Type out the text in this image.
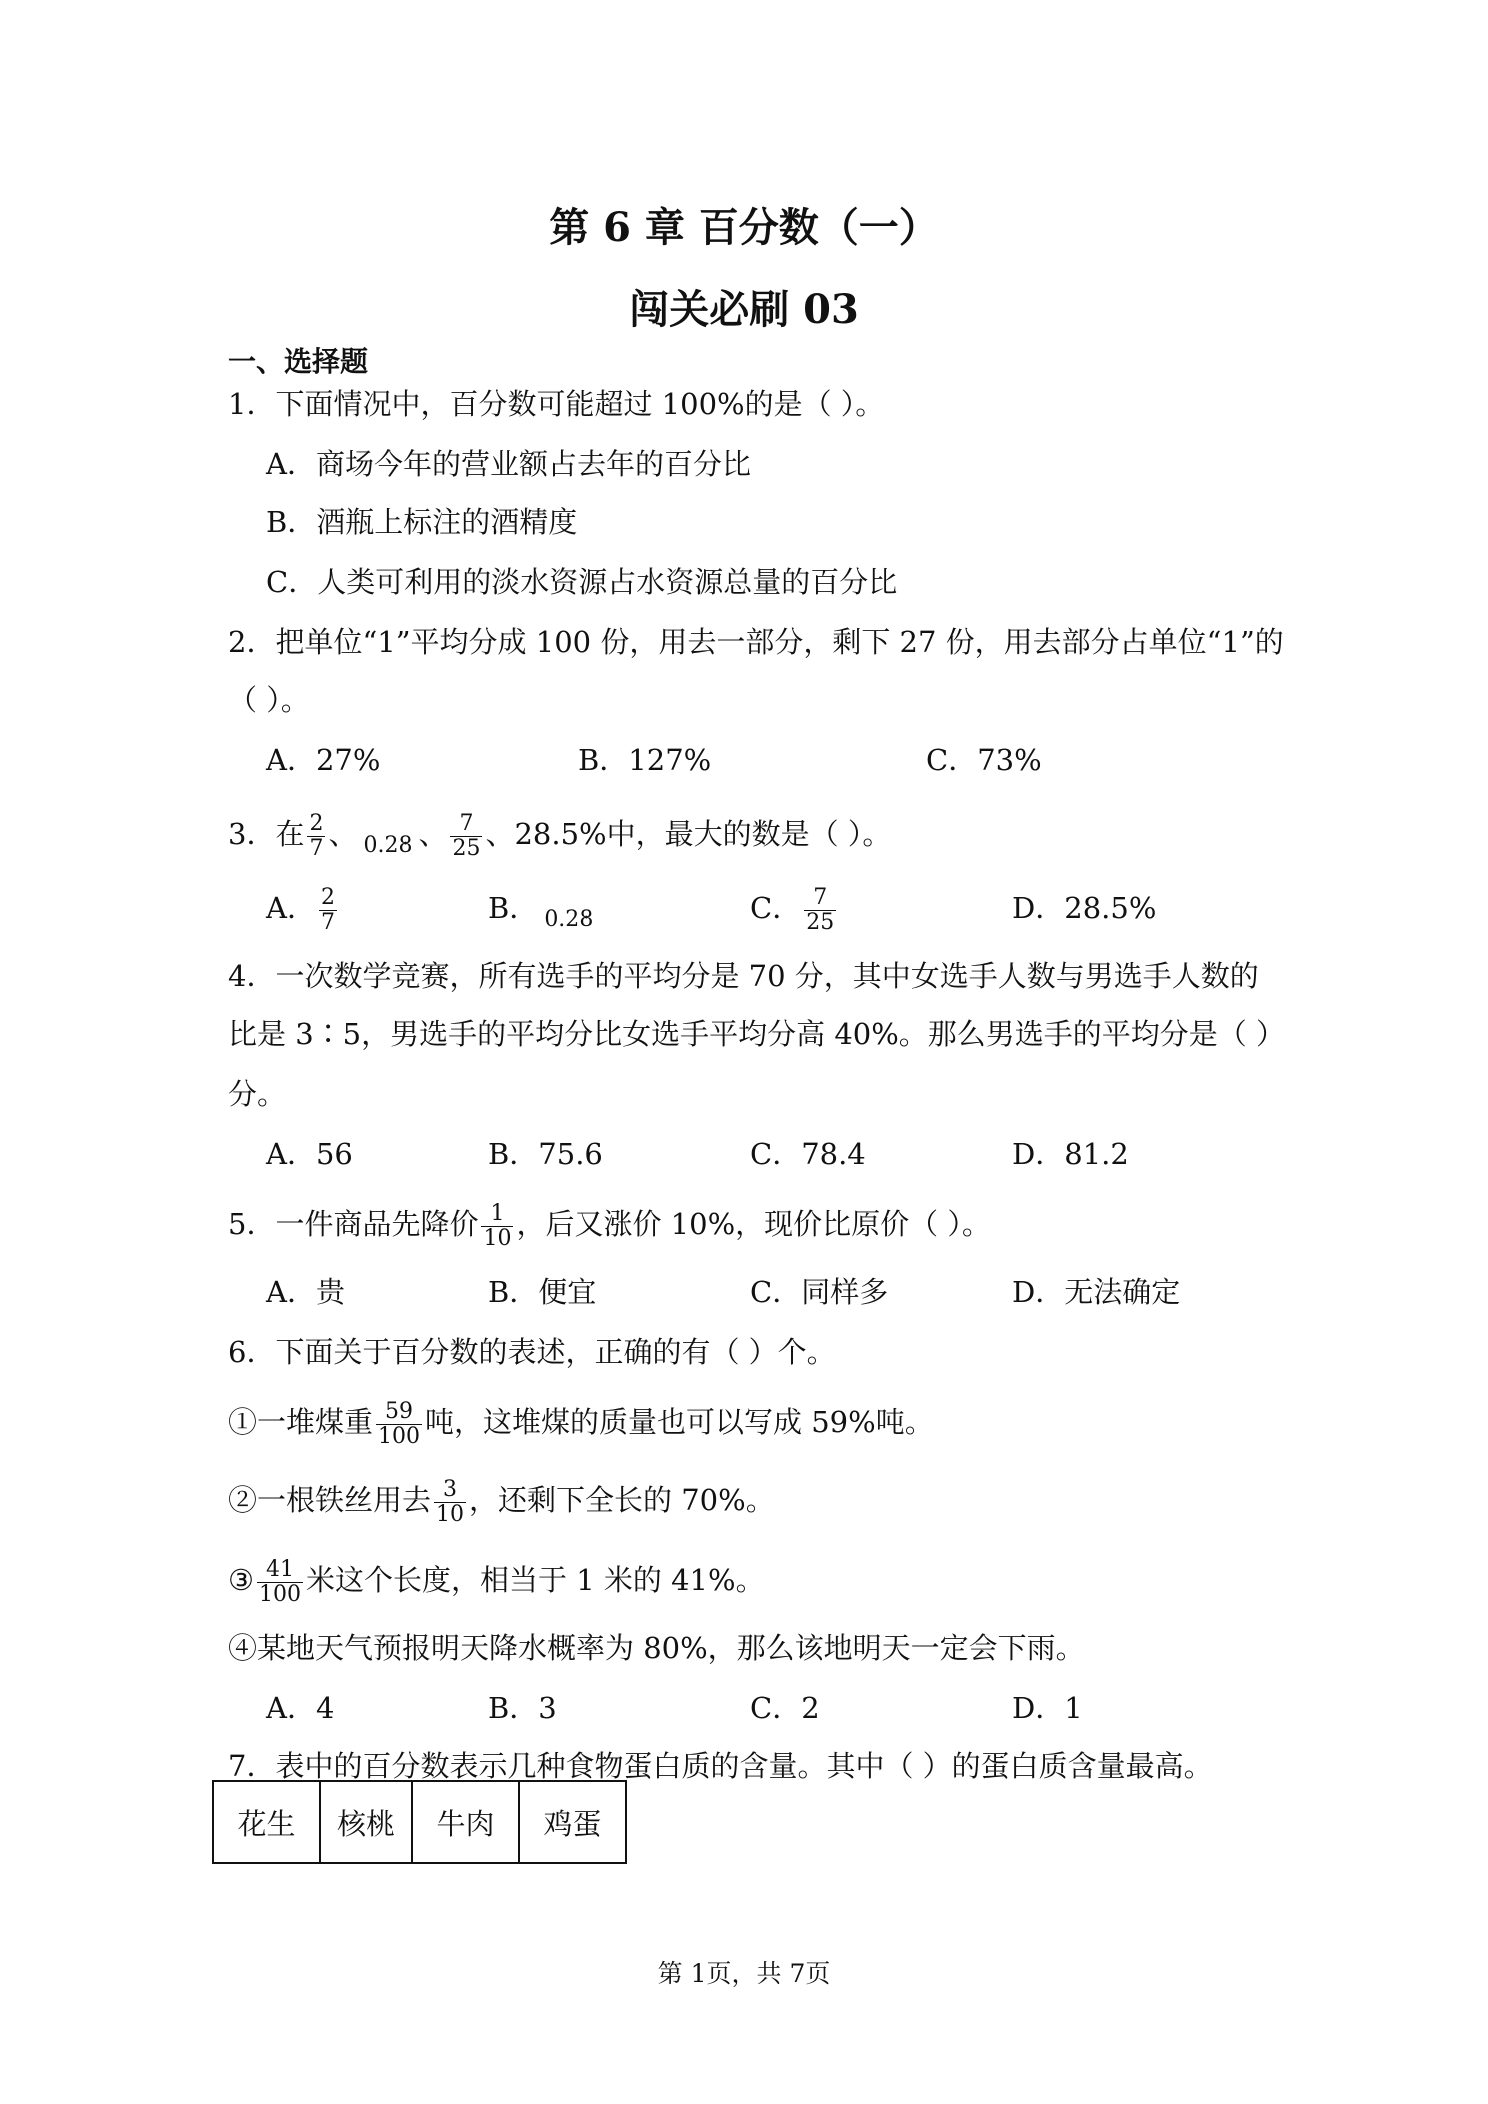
第 6 章 百分数（一）
闯关必刷 03
一、选择题
1．下面情况中，百分数可能超过 100%的是（ ）。
A．商场今年的营业额占去年的百分比
B．酒瓶上标注的酒精度
C．人类可利用的淡水资源占水资源总量的百分比
2．把单位“1”平均分成 100 份，用去一部分，剩下 27 份，用去部分占单位“1”的
（ ）。
A．27%	B．127%	C．73%
3．在 $\frac{2}{7}$ 、 0.2· 8 、 $\frac{7}{25}$ 、28.5%中，最大的数是（ ）。
A． $\frac{2}{7}$	B． 0.2· 8	C． $\frac{7}{25}$	D．28.5%
4．一次数学竞赛，所有选手的平均分是 70 分，其中女选手人数与男选手人数的
比是 3∶5，男选手的平均分比女选手平均分高 40%。那么男选手的平均分是（ ）
分。
A．56	B．75.6	C．78.4	D．81.2
5．一件商品先降价 $\frac{1}{10}$ ，后又涨价 10%，现价比原价（ ）。
A．贵	B．便宜	C．同样多	D．无法确定
6．下面关于百分数的表述，正确的有（ ）个。
①一堆煤重 $\frac{59}{100}$ 吨，这堆煤的质量也可以写成 59%吨。
②一根铁丝用去 $\frac{3}{10}$ ，还剩下全长的 70%。
③ $\frac{41}{100}$ 米这个长度，相当于 1 米的 41%。
④某地天气预报明天降水概率为 80%，那么该地明天一定会下雨。
A．4	B．3	C．2	D．1
7．表中的百分数表示几种食物蛋白质的含量。其中（ ）的蛋白质含量最高。
花生	核桃	牛肉	鸡蛋
第 1页，共 7页
